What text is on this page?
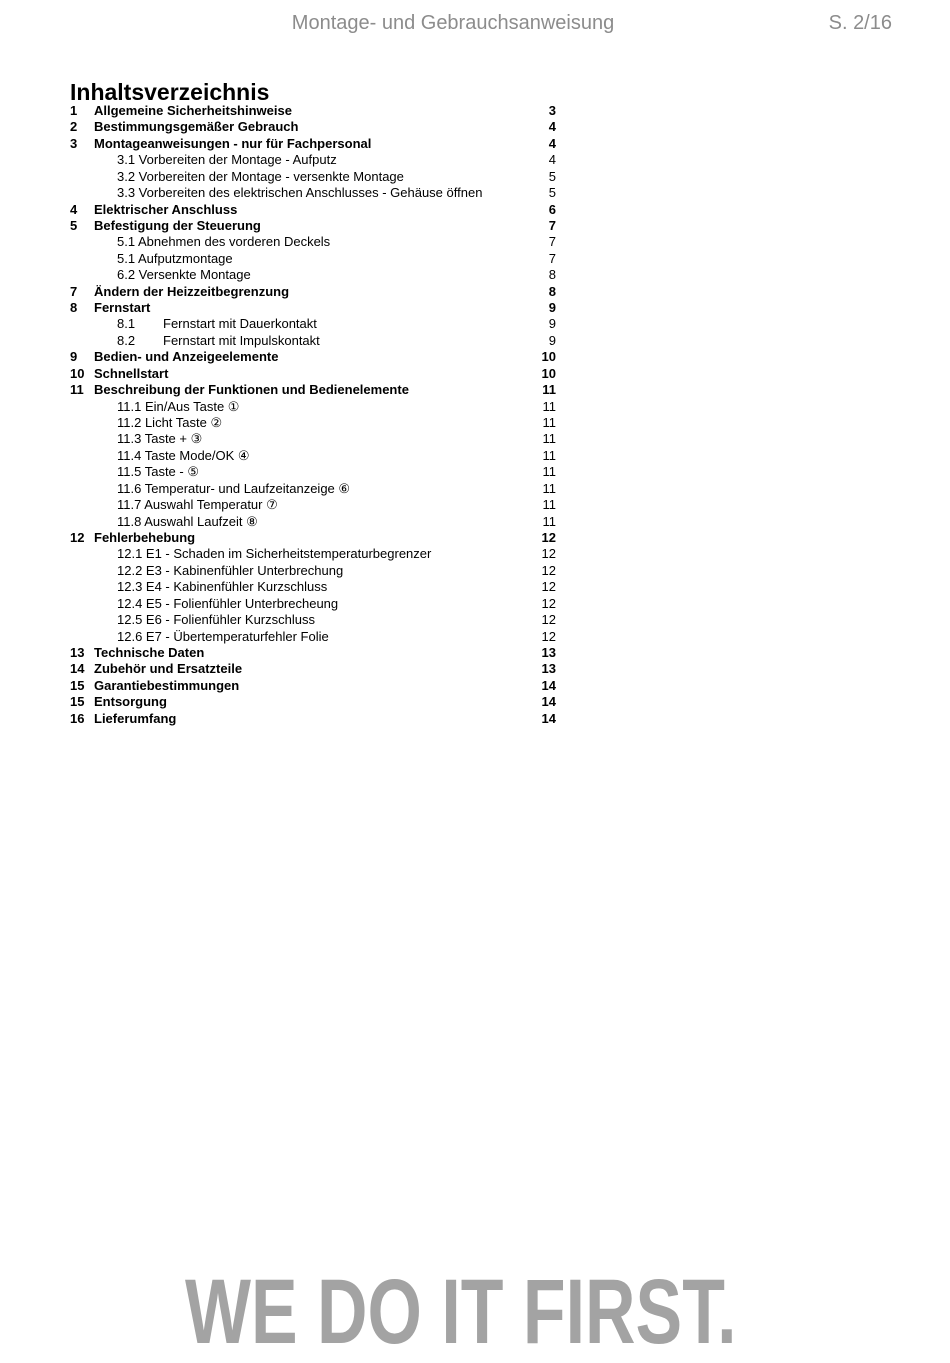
Montage- und Gebrauchsanweisung	S. 2/16
Inhaltsverzeichnis
1 Allgemeine Sicherheitshinweise	3
2 Bestimmungsgemäßer Gebrauch	4
3 Montageanweisungen - nur für Fachpersonal	4
3.1 Vorbereiten der Montage - Aufputz	4
3.2 Vorbereiten der Montage - versenkte Montage	5
3.3 Vorbereiten des elektrischen Anschlusses - Gehäuse öffnen	5
4 Elektrischer Anschluss	6
5 Befestigung der Steuerung	7
5.1 Abnehmen des vorderen Deckels	7
5.1 Aufputzmontage	7
6.2 Versenkte Montage	8
7 Ändern der Heizzeitbegrenzung	8
8 Fernstart	9
8.1 Fernstart mit Dauerkontakt	9
8.2 Fernstart mit Impulskontakt	9
9 Bedien- und Anzeigeelemente	10
10 Schnellstart	10
11 Beschreibung der Funktionen und Bedienelemente	11
11.1 Ein/Aus Taste ①	11
11.2 Licht Taste ②	11
11.3 Taste + ③	11
11.4 Taste Mode/OK ④	11
11.5 Taste - ⑤	11
11.6 Temperatur- und Laufzeitanzeige ⑥	11
11.7 Auswahl Temperatur ⑦	11
11.8 Auswahl Laufzeit ⑧	11
12 Fehlerbehebung	12
12.1 E1 - Schaden im Sicherheitstemperaturbegrenzer	12
12.2 E3 - Kabinenfühler Unterbrechung	12
12.3 E4 - Kabinenfühler Kurzschluss	12
12.4 E5 - Folienfühler Unterbrecheung	12
12.5 E6 - Folienfühler Kurzschluss	12
12.6 E7 - Übertemperaturfehler Folie	12
13 Technische Daten	13
14 Zubehör und Ersatzteile	13
15 Garantiebestimmungen	14
15 Entsorgung	14
16 Lieferumfang	14
WE DO IT FIRST.
